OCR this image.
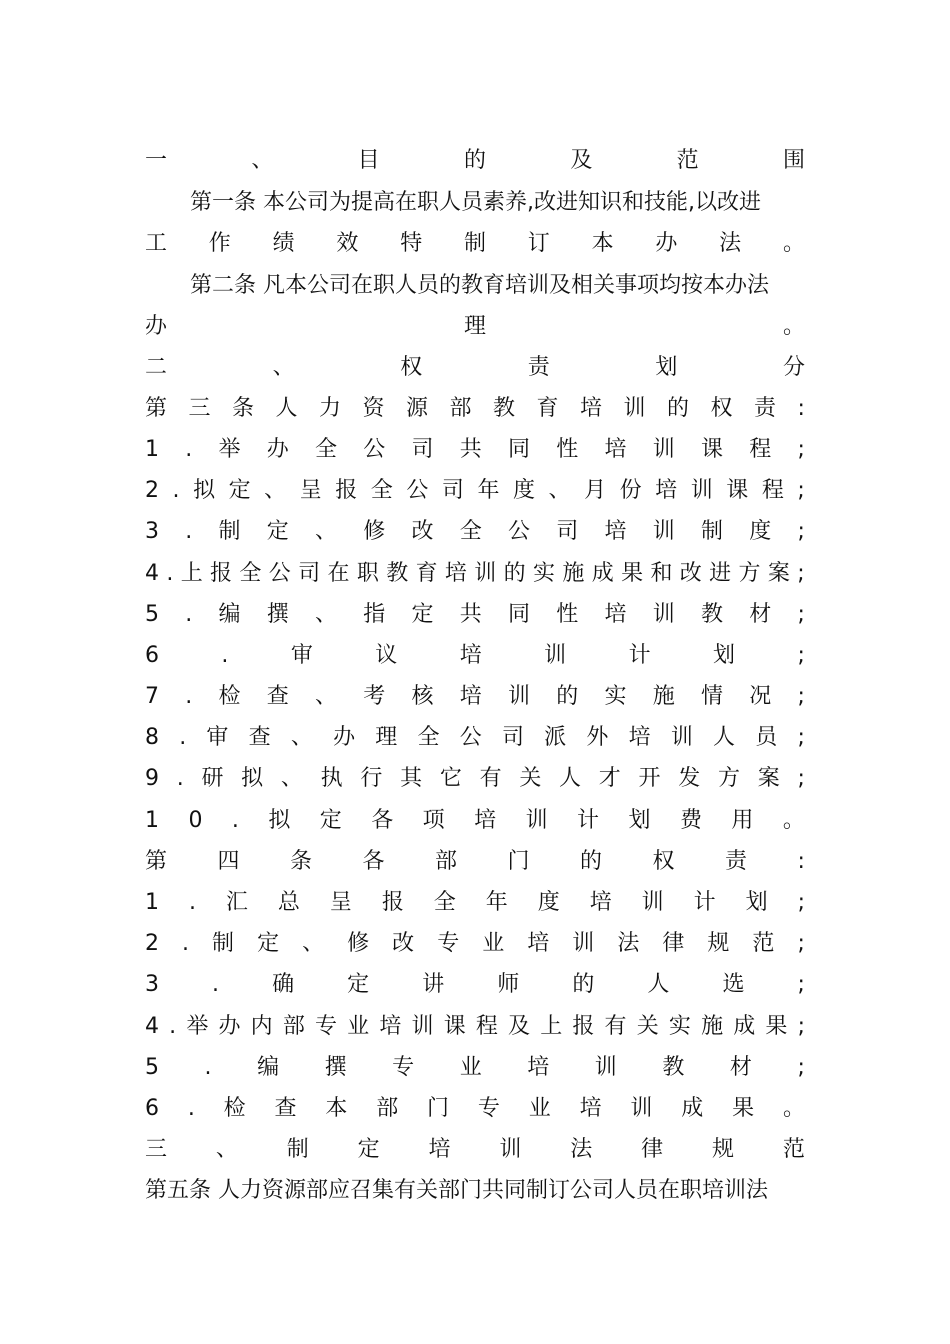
一	、	目	的	及	范	围
第一条 本公司为提高在职人员素养,改进知识和技能,以改进
工 作 绩 效 特 制 订 本 办 法 。
第二条 凡本公司在职人员的教育培训及相关事项均按本办法
办	理	。
二	、	权	责	划	分
第 三 条 人 力 资 源 部 教 育 培 训 的 权 责 :
1 . 举 办 全 公 司 共 同 性 培 训 课 程 ;
2 . 拟 定 、 呈 报 全 公 司 年 度 、 月 份 培 训 课 程 ;
3 . 制 定 、 修 改 全 公 司 培 训 制 度 ;
4 . 上 报 全 公 司 在 职 教 育 培 训 的 实 施 成 果 和 改 进 方 案 ;
5 . 编 撰 、 指 定 共 同 性 培 训 教 材 ;
6	.	审	议	培	训	计	划	;
7 . 检 查 、 考 核 培 训 的 实 施 情 况 ;
8 . 审 查 、 办 理 全 公 司 派 外 培 训 人 员 ;
9 . 研 拟 、 执 行 其 它 有 关 人 才 开 发 方 案 ;
1 0 . 拟 定 各 项 培 训 计 划 费 用 。
第 四 条 各 部 门 的 权 责 :
1 . 汇 总 呈 报 全 年 度 培 训 计 划 ;
2 . 制 定 、 修 改 专 业 培 训 法 律 规 范 ;
3 . 确 定 讲 师 的 人 选 ;
4 . 举 办 内 部 专 业 培 训 课 程 及 上 报 有 关 实 施 成 果 ;
5 . 编 撰 专 业 培 训 教 材 ;
6 . 检 查 本 部 门 专 业 培 训 成 果 。
三 、 制 定 培 训 法 律 规 范
第五条 人力资源部应召集有关部门共同制订公司人员在职培训法
